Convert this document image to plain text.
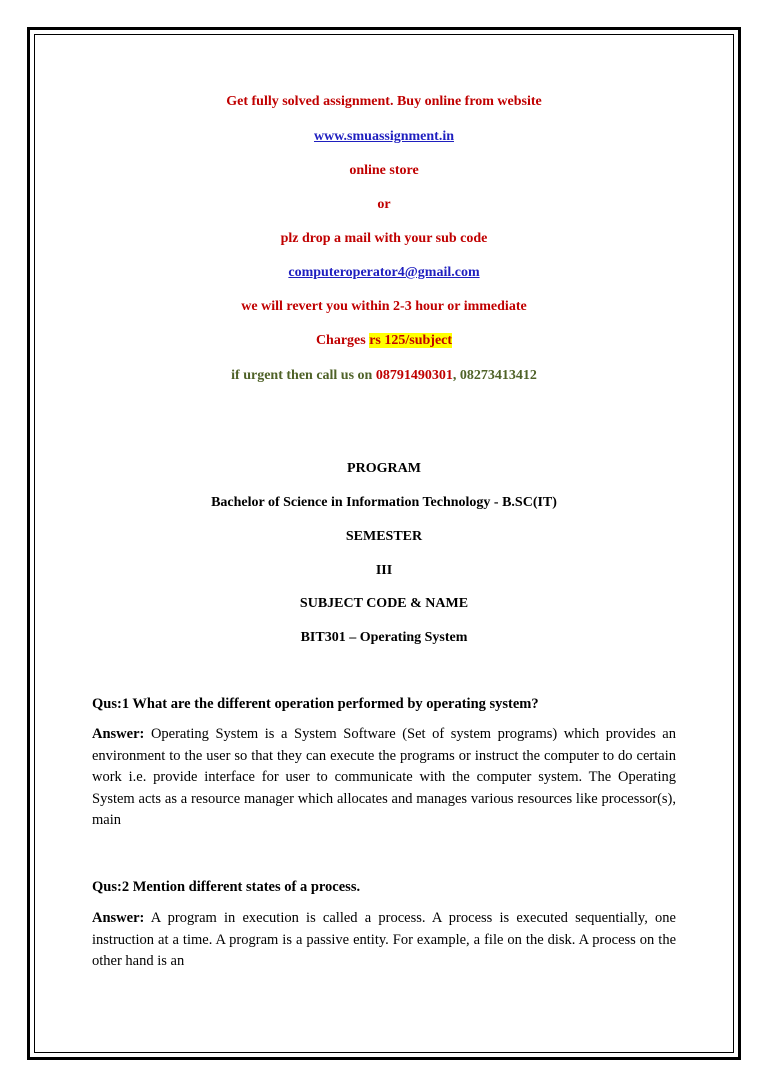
Get fully solved assignment. Buy online from website
www.smuassignment.in
online store
or
plz drop a mail with your sub code
computeroperator4@gmail.com
we will revert you within 2-3 hour or immediate
Charges rs 125/subject
if urgent then call us on 08791490301, 08273413412
PROGRAM
Bachelor of Science in Information Technology - B.SC(IT)
SEMESTER
III
SUBJECT CODE & NAME
BIT301 – Operating System
Qus:1 What are the different operation performed by operating system?

Answer: Operating System is a System Software (Set of system programs) which provides an environment to the user so that they can execute the programs or instruct the computer to do certain work i.e. provide interface for user to communicate with the computer system. The Operating System acts as a resource manager which allocates and manages various resources like processor(s), main

Qus:2 Mention different states of a process.

Answer: A program in execution is called a process. A process is executed sequentially, one instruction at a time. A program is a passive entity. For example, a file on the disk. A process on the other hand is an
